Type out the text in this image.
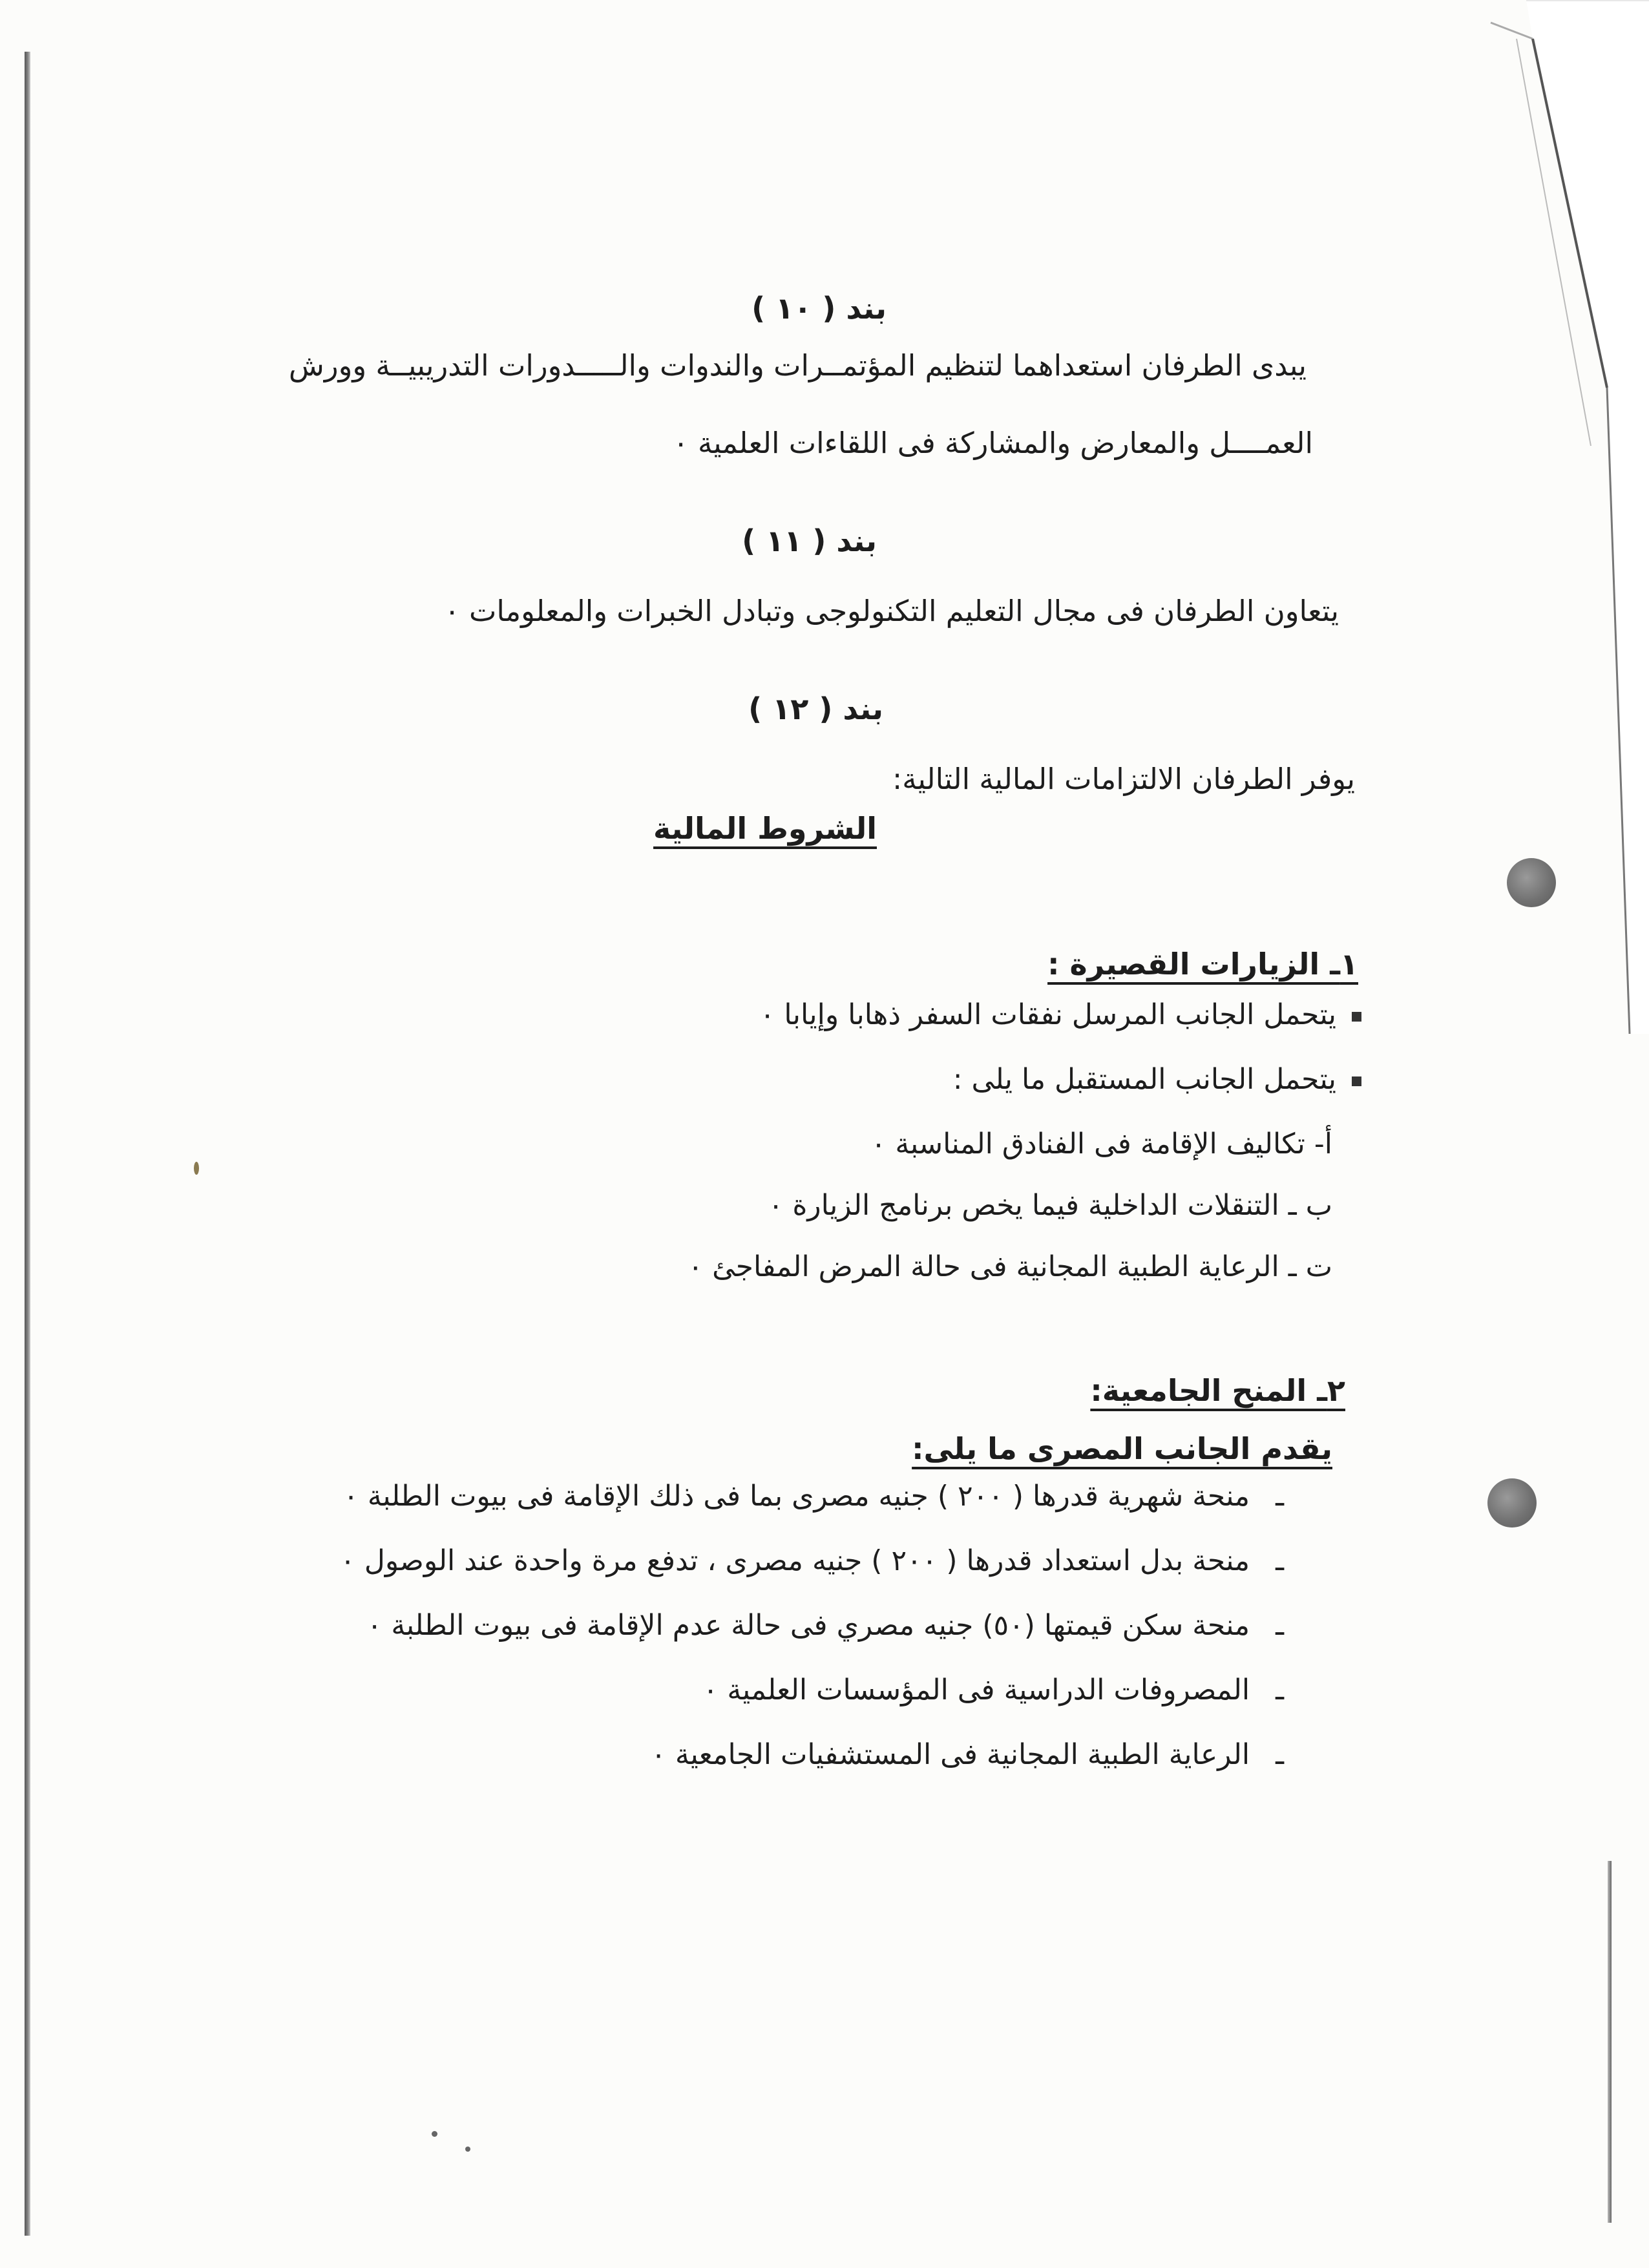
بند ( ١٠ )
يبدى الطرفان استعداهما لتنظيم المؤتمــرات والندوات والـــــدورات التدريبيــة وورش
العمــــل والمعارض والمشاركة فى اللقاءات العلمية ٠
بند ( ١١ )
يتعاون الطرفان فى مجال التعليم التكنولوجى وتبادل الخبرات والمعلومات ٠
بند ( ١٢ )
يوفر الطرفان الالتزامات المالية التالية:
الشروط المالية
١ـ الزيارات القصيرة :
يتحمل الجانب المرسل نفقات السفر ذهابا وإيابا ٠
يتحمل الجانب المستقبل ما يلى :
أ- تكاليف الإقامة فى الفنادق المناسبة ٠
ب ـ التنقلات الداخلية فيما يخص برنامج الزيارة ٠
ت ـ الرعاية الطبية المجانية فى حالة المرض المفاجئ ٠
٢ـ المنح الجامعية:
يقدم الجانب المصرى ما يلى:
ـمنحة شهرية قدرها ( ٢٠٠ ) جنيه مصرى بما فى ذلك الإقامة فى بيوت الطلبة ٠
ـمنحة بدل استعداد قدرها ( ٢٠٠ ) جنيه مصرى ، تدفع مرة واحدة عند الوصول ٠
ـمنحة سكن قيمتها (٥٠) جنيه مصري فى حالة عدم الإقامة فى بيوت الطلبة ٠
ـالمصروفات الدراسية فى المؤسسات العلمية ٠
ـالرعاية الطبية المجانية فى المستشفيات الجامعية ٠
